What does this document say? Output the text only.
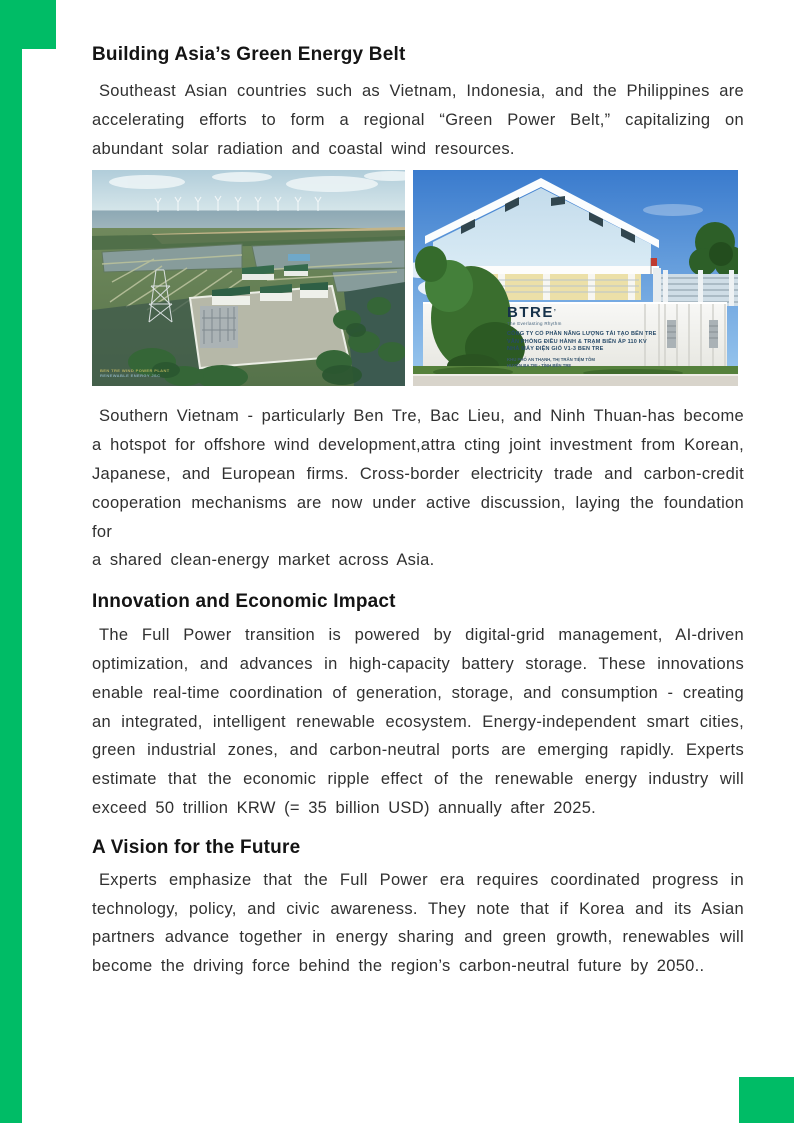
Building Asia’s Green Energy Belt

Southeast Asian countries such as Vietnam, Indonesia, and the Philippines are accelerating efforts to form a regional “Green Power Belt,” capitalizing on abundant solar radiation and coastal wind resources.

BEN TRE WIND POWER PLANT
RENEWABLE ENERGY JSC
BTRE’
The Everlasting Rhythm
CÔNG TY CỔ PHẦN NĂNG LƯỢNG TÁI TẠO BẾN TRE
VĂN PHÒNG ĐIỀU HÀNH & TRẠM BIẾN ÁP 110 KV
NHÀ MÁY ĐIỆN GIÓ V1-3 BEN TRE
KHU PHỐ AN THẠNH, THỊ TRẤN TIỆM TÔM
HUYỆN BA TRI - TỈNH BẾN TRE

Southern Vietnam - particularly Ben Tre, Bac Lieu, and Ninh Thuan-has become a hotspot for offshore wind development,attra cting joint investment from Korean, Japanese, and European firms. Cross-border electricity trade and carbon-credit cooperation mechanisms are now under active discussion, laying the foundation for

a shared clean-energy market across Asia.

Innovation and Economic Impact

The Full Power transition is powered by digital-grid management, AI-driven optimization, and advances in high-capacity battery storage. These innovations enable real-time coordination of generation, storage, and consumption - creating an integrated, intelligent renewable ecosystem. Energy-independent smart cities, green industrial zones, and carbon-neutral ports are emerging rapidly. Experts estimate that the economic ripple effect of the renewable energy industry will exceed 50 trillion KRW (= 35 billion USD) annually after 2025.

A Vision for the Future

Experts emphasize that the Full Power era requires coordinated progress in technology, policy, and civic awareness. They note that if Korea and its Asian partners advance together in energy sharing and green growth, renewables will become the driving force behind the region’s carbon-neutral future by 2050..
